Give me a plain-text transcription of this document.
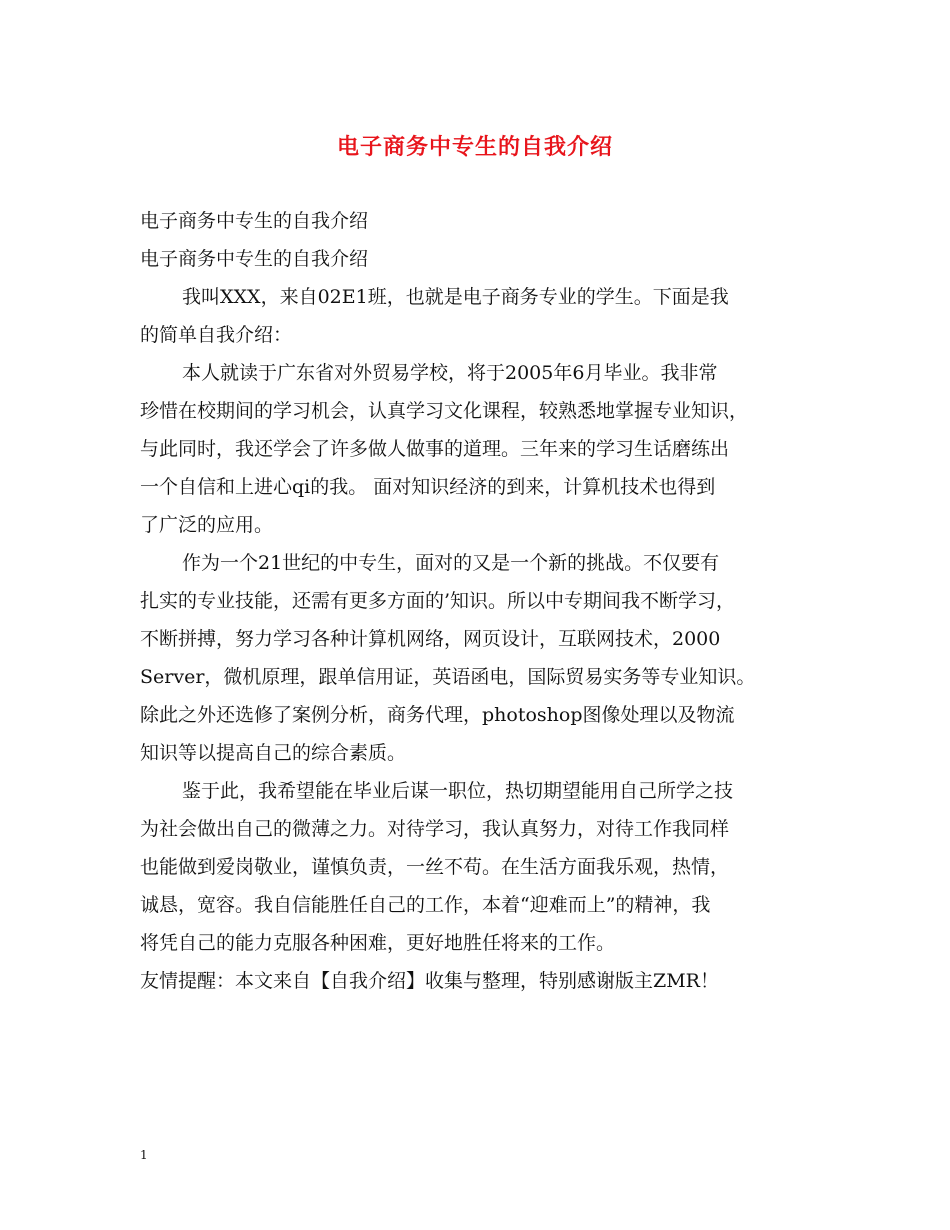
电子商务中专生的自我介绍
电子商务中专生的自我介绍
电子商务中专生的自我介绍
我叫XXX，来自02E1班，也就是电子商务专业的学生。下面是我
的简单自我介绍：
本人就读于广东省对外贸易学校，将于2005年6月毕业。我非常
珍惜在校期间的学习机会，认真学习文化课程，较熟悉地掌握专业知识，
与此同时，我还学会了许多做人做事的道理。三年来的学习生话磨练出
一个自信和上进心qi的我。 面对知识经济的到来，计算机技术也得到
了广泛的应用。
作为一个21世纪的中专生，面对的又是一个新的挑战。不仅要有
扎实的专业技能，还需有更多方面的’知识。所以中专期间我不断学习，
不断拼搏，努力学习各种计算机网络，网页设计，互联网技术，2000
Server，微机原理，跟单信用证，英语函电，国际贸易实务等专业知识。
除此之外还选修了案例分析，商务代理，photoshop图像处理以及物流
知识等以提高自己的综合素质。
鉴于此，我希望能在毕业后谋一职位，热切期望能用自己所学之技
为社会做出自己的微薄之力。对待学习，我认真努力，对待工作我同样
也能做到爱岗敬业，谨慎负责，一丝不苟。在生活方面我乐观，热情，
诚恳，宽容。我自信能胜任自己的工作，本着“迎难而上”的精神，我
将凭自己的能力克服各种困难，更好地胜任将来的工作。
友情提醒：本文来自【自我介绍】收集与整理，特别感谢版主ZMR！
1
